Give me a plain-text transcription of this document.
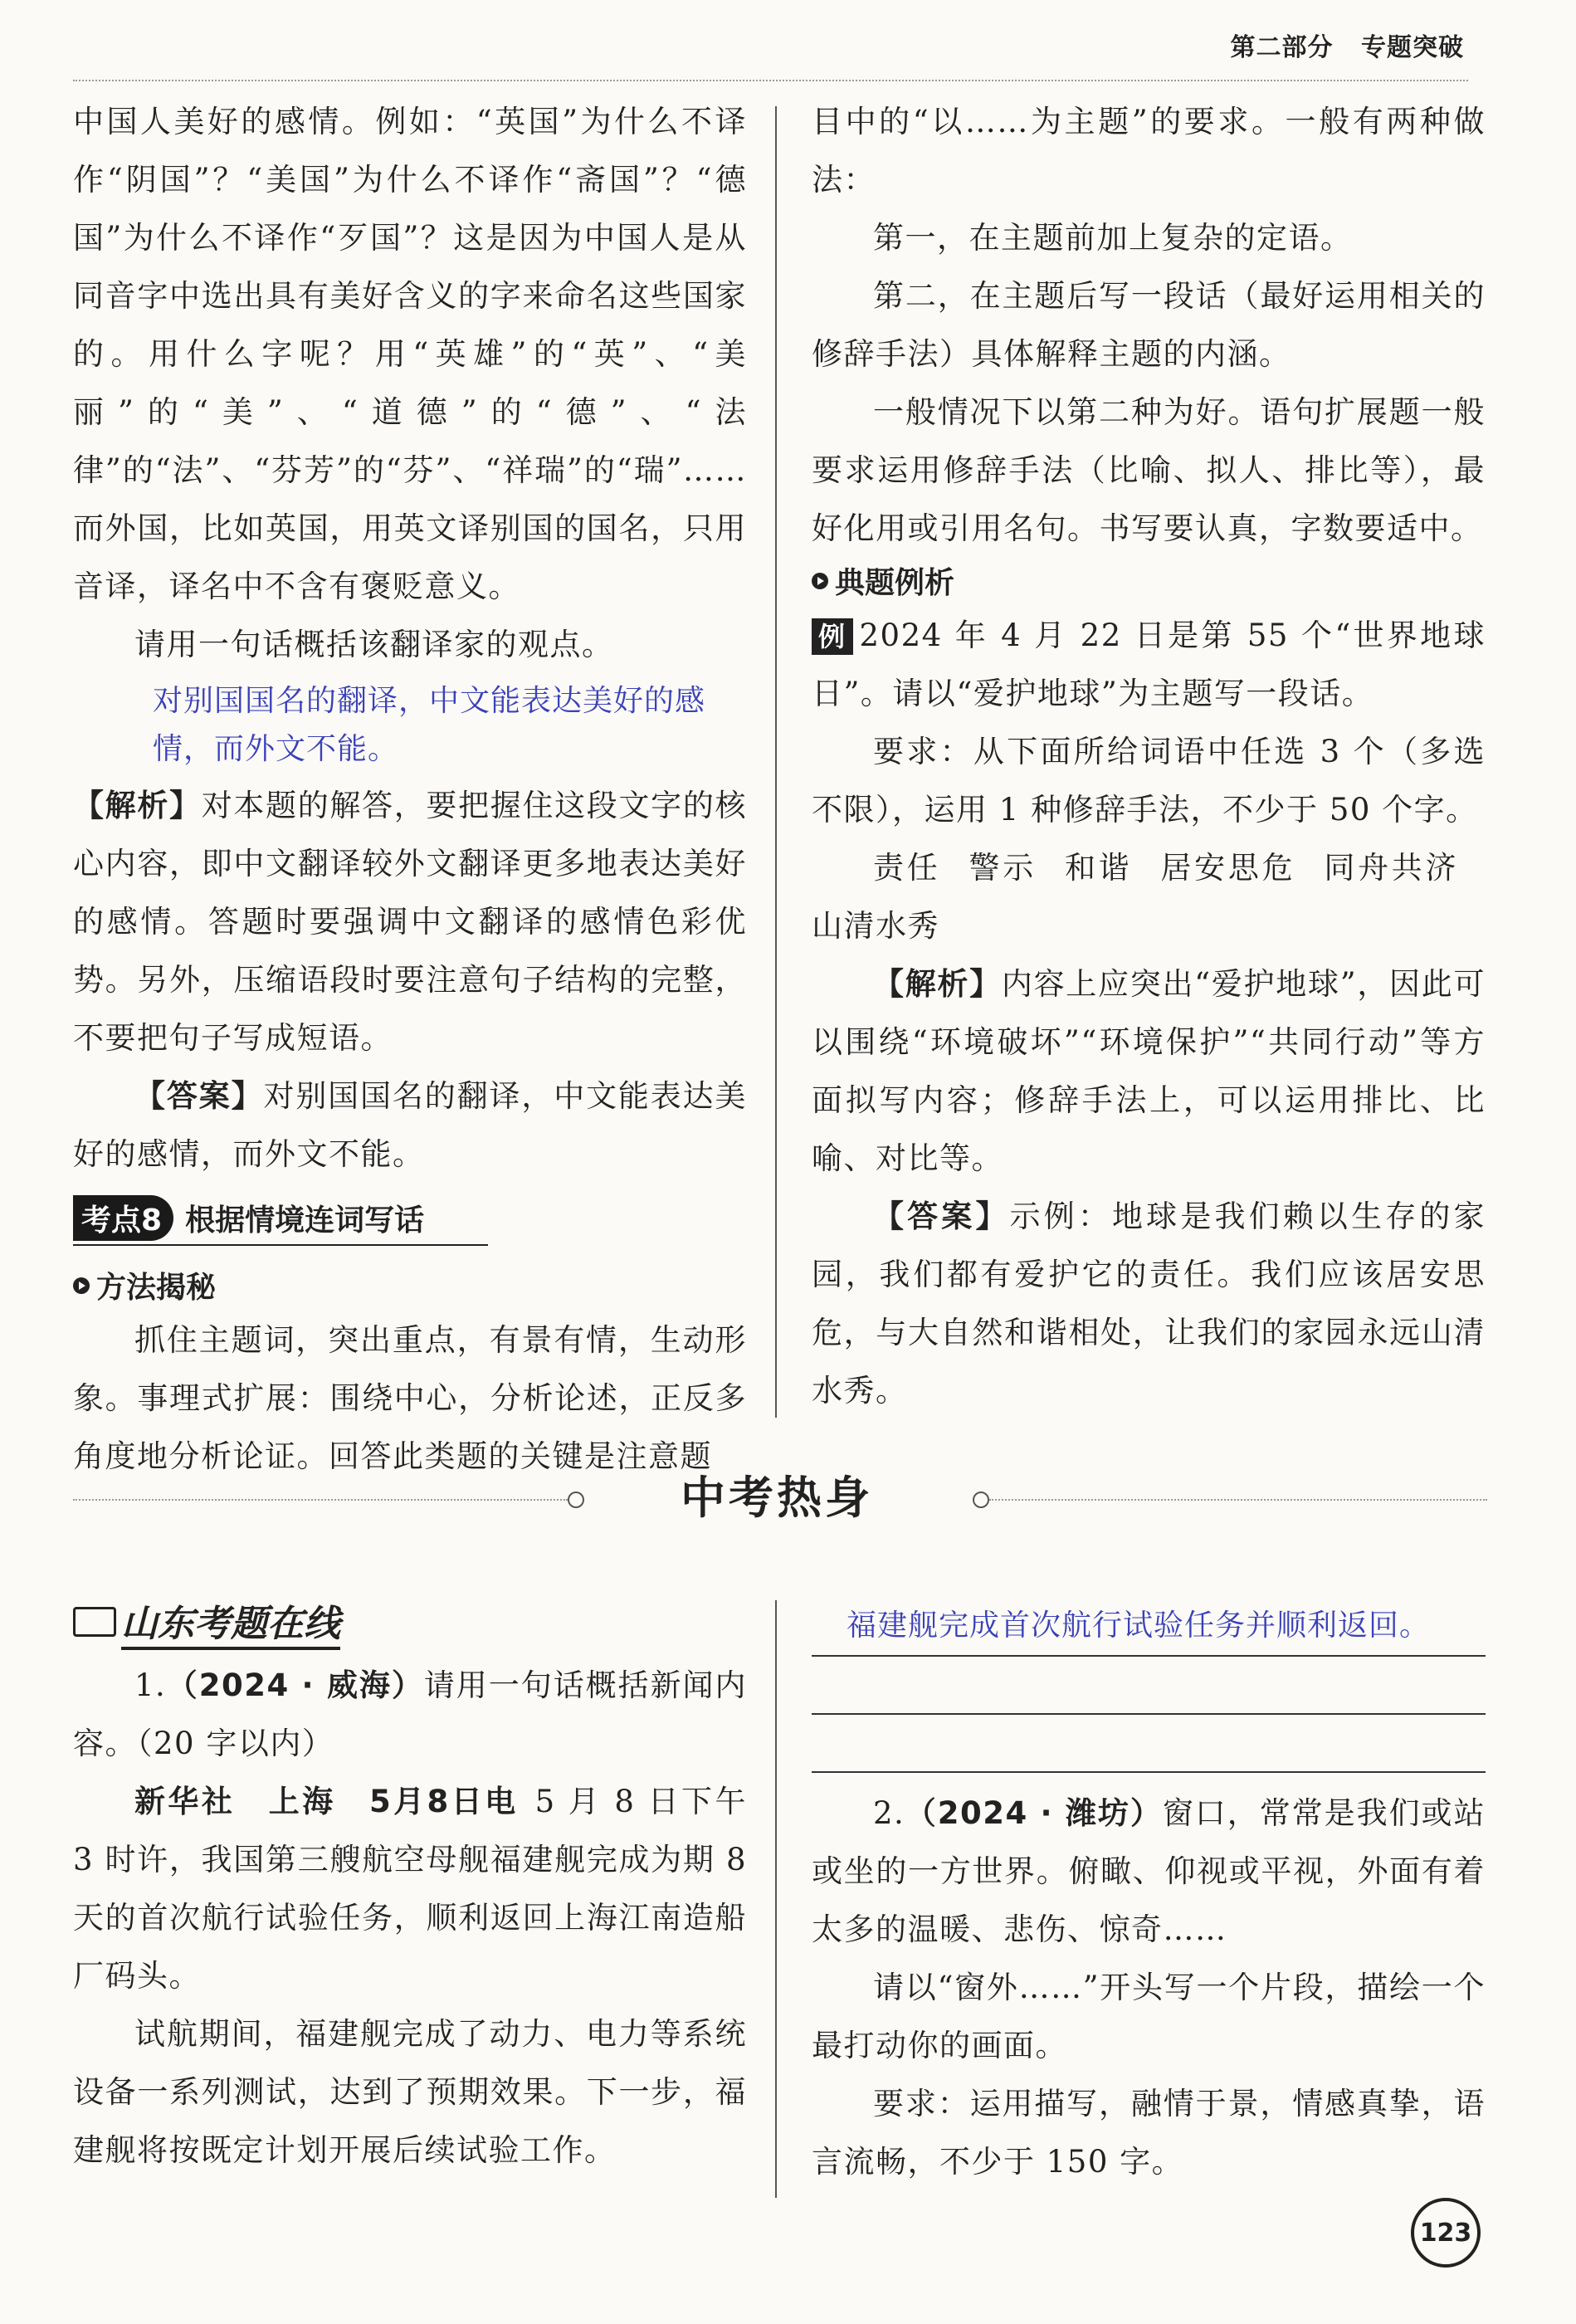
第二部分 专题突破

中国人美好的感情。例如：“英国”为什么不译作“阴国”？“美国”为什么不译作“斋国”？“德国”为什么不译作“歹国”？这是因为中国人是从同音字中选出具有美好含义的字来命名这些国家的。用什么字呢？用“英雄”的“英”、“美丽”的“美”、“道德”的“德”、“法律”的“法”、“芬芳”的“芬”、“祥瑞”的“瑞”……而外国，比如英国，用英文译别国的国名，只用音译，译名中不含有褒贬意义。

请用一句话概括该翻译家的观点。

对别国国名的翻译，中文能表达美好的感情，而外文不能。

【解析】对本题的解答，要把握住这段文字的核心内容，即中文翻译较外文翻译更多地表达美好的感情。答题时要强调中文翻译的感情色彩优势。另外，压缩语段时要注意句子结构的完整，不要把句子写成短语。

【答案】对别国国名的翻译，中文能表达美好的感情，而外文不能。

考点8 根据情境连词写话
方法揭秘

抓住主题词，突出重点，有景有情，生动形象。事理式扩展：围绕中心，分析论述，正反多角度地分析论证。回答此类题的关键是注意题

目中的“以……为主题”的要求。一般有两种做法：

第一，在主题前加上复杂的定语。

第二，在主题后写一段话（最好运用相关的修辞手法）具体解释主题的内涵。

一般情况下以第二种为好。语句扩展题一般要求运用修辞手法（比喻、拟人、排比等），最好化用或引用名句。书写要认真，字数要适中。

典题例析

例 2024 年 4 月 22 日是第 55 个“世界地球日”。请以“爱护地球”为主题写一段话。

要求：从下面所给词语中任选 3 个（多选不限），运用 1 种修辞手法，不少于 50 个字。

责任 警示 和谐 居安思危 同舟共济山清水秀

【解析】内容上应突出“爱护地球”，因此可以围绕“环境破坏”“环境保护”“共同行动”等方面拟写内容；修辞手法上，可以运用排比、比喻、对比等。

【答案】示例：地球是我们赖以生存的家园，我们都有爱护它的责任。我们应该居安思危，与大自然和谐相处，让我们的家园永远山清水秀。

中考热身
山东考题在线

1.（2024 · 威海）请用一句话概括新闻内容。（20 字以内）

新华社　上海　5月8日电 5 月 8 日下午 3 时许，我国第三艘航空母舰福建舰完成为期 8 天的首次航行试验任务，顺利返回上海江南造船厂码头。

试航期间，福建舰完成了动力、电力等系统设备一系列测试，达到了预期效果。下一步，福建舰将按既定计划开展后续试验工作。

福建舰完成首次航行试验任务并顺利返回。

2.（2024 · 潍坊）窗口，常常是我们或站或坐的一方世界。俯瞰、仰视或平视，外面有着太多的温暖、悲伤、惊奇……

请以“窗外……”开头写一个片段，描绘一个最打动你的画面。

要求：运用描写，融情于景，情感真挚，语言流畅，不少于 150 字。

123
